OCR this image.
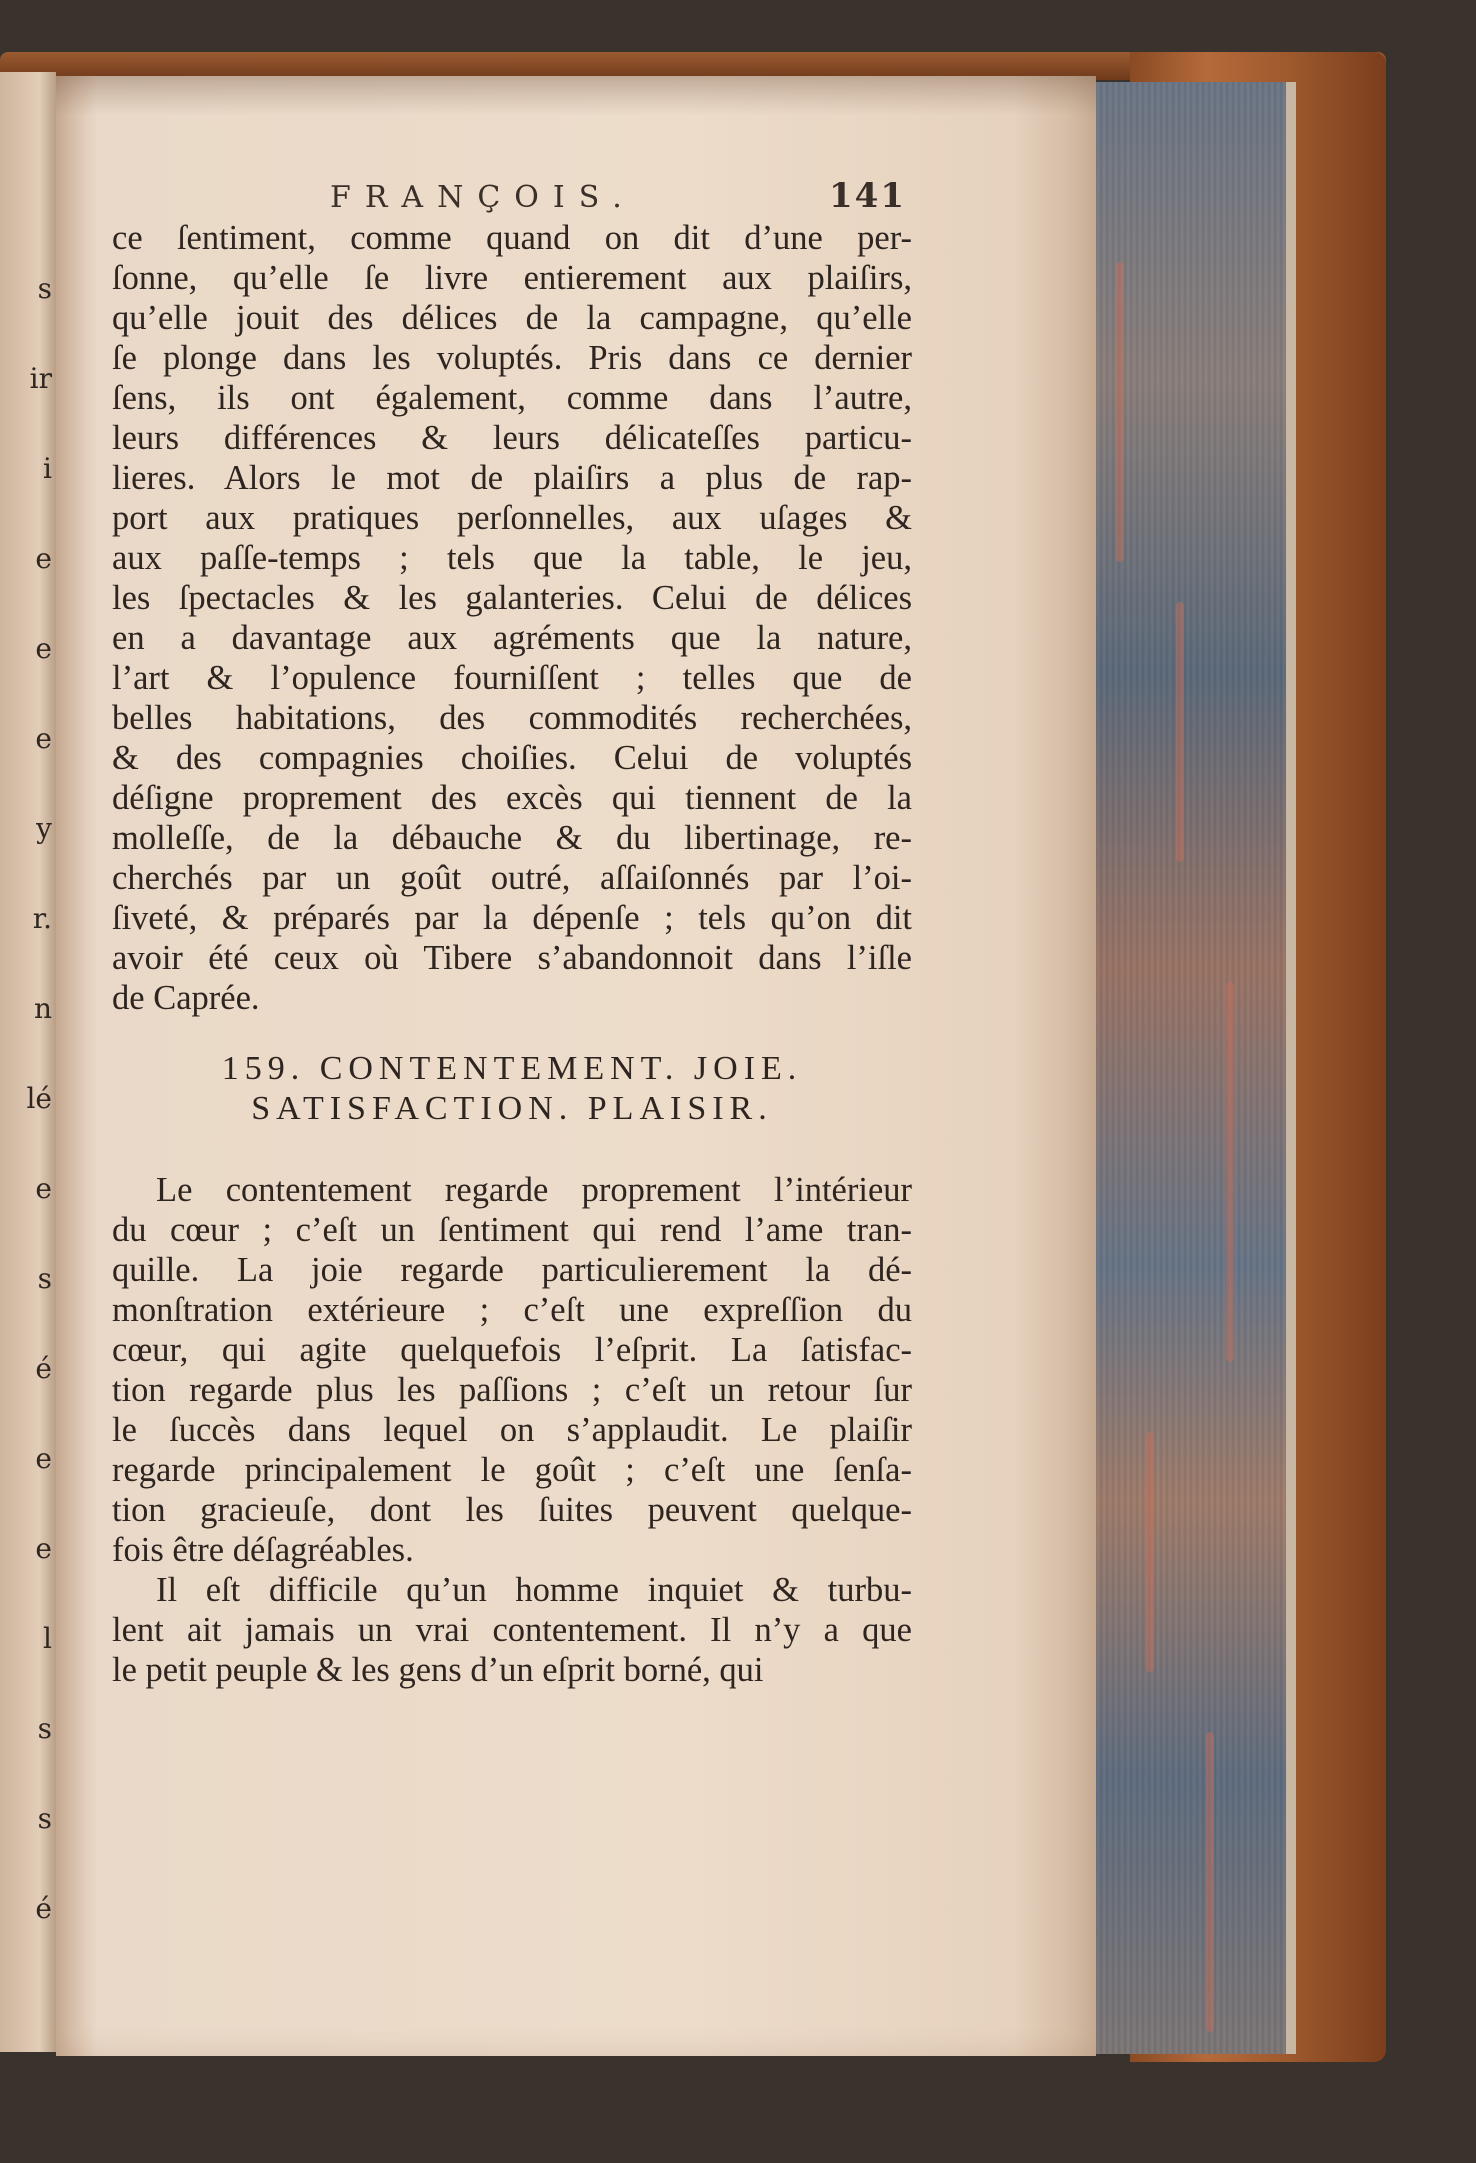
s
ir
i
e
e
e
y
r.
n
lé
e
s
é
e
e
l
s
s
é
FRANÇOIS.	141
ce ſentiment, comme quand on dit d’une per-
ſonne, qu’elle ſe livre entierement aux plaiſirs,
qu’elle jouit des délices de la campagne, qu’elle
ſe plonge dans les voluptés. Pris dans ce dernier
ſens, ils ont également, comme dans l’autre,
leurs différences & leurs délicateſſes particu-
lieres. Alors le mot de plaiſirs a plus de rap-
port aux pratiques perſonnelles, aux uſages &
aux paſſe-temps ; tels que la table, le jeu,
les ſpectacles & les galanteries. Celui de délices
en a davantage aux agréments que la nature,
l’art & l’opulence fourniſſent ; telles que de
belles habitations, des commodités recherchées,
& des compagnies choiſies. Celui de voluptés
déſigne proprement des excès qui tiennent de la
molleſſe, de la débauche & du libertinage, re-
cherchés par un goût outré, aſſaiſonnés par l’oi-
ſiveté, & préparés par la dépenſe ; tels qu’on dit
avoir été ceux où Tibere s’abandonnoit dans l’iſle
de Caprée.
159. CONTENTEMENT. JOIE.
SATISFACTION. PLAISIR.
Le contentement regarde proprement l’intérieur
du cœur ; c’eſt un ſentiment qui rend l’ame tran-
quille. La joie regarde particulierement la dé-
monſtration extérieure ; c’eſt une expreſſion du
cœur, qui agite quelquefois l’eſprit. La ſatisfac-
tion regarde plus les paſſions ; c’eſt un retour ſur
le ſuccès dans lequel on s’applaudit. Le plaiſir
regarde principalement le goût ; c’eſt une ſenſa-
tion gracieuſe, dont les ſuites peuvent quelque-
fois être déſagréables.
Il eſt difficile qu’un homme inquiet & turbu-
lent ait jamais un vrai contentement. Il n’y a que
le petit peuple & les gens d’un eſprit borné, qui
